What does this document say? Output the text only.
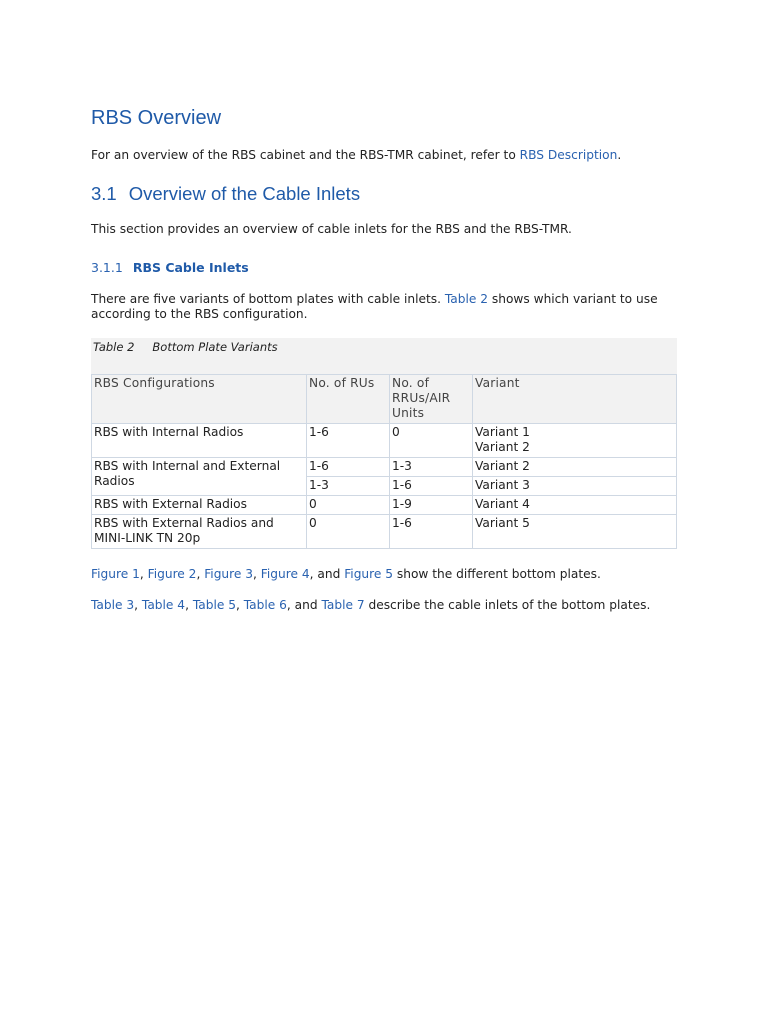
RBS Overview

For an overview of the RBS cabinet and the RBS-TMR cabinet, refer to RBS Description.

3.1 Overview of the Cable Inlets

This section provides an overview of cable inlets for the RBS and the RBS-TMR.

3.1.1 RBS Cable Inlets

There are five variants of bottom plates with cable inlets. Table 2 shows which variant to use according to the RBS configuration.

Table 2 Bottom Plate Variants
RBS Configurations	No. of RUs	No. of RRUs/AIR Units	Variant
RBS with Internal Radios	1-6	0	Variant 1
Variant 2

RBS with Internal and External Radios	1-6	1-3	Variant 2
	1-3	1-6	Variant 3
RBS with External Radios	0	1-9	Variant 4
RBS with External Radios and MINI-LINK TN 20p	0	1-6	Variant 5

Figure 1, Figure 2, Figure 3, Figure 4, and Figure 5 show the different bottom plates.

Table 3, Table 4, Table 5, Table 6, and Table 7 describe the cable inlets of the bottom plates.
